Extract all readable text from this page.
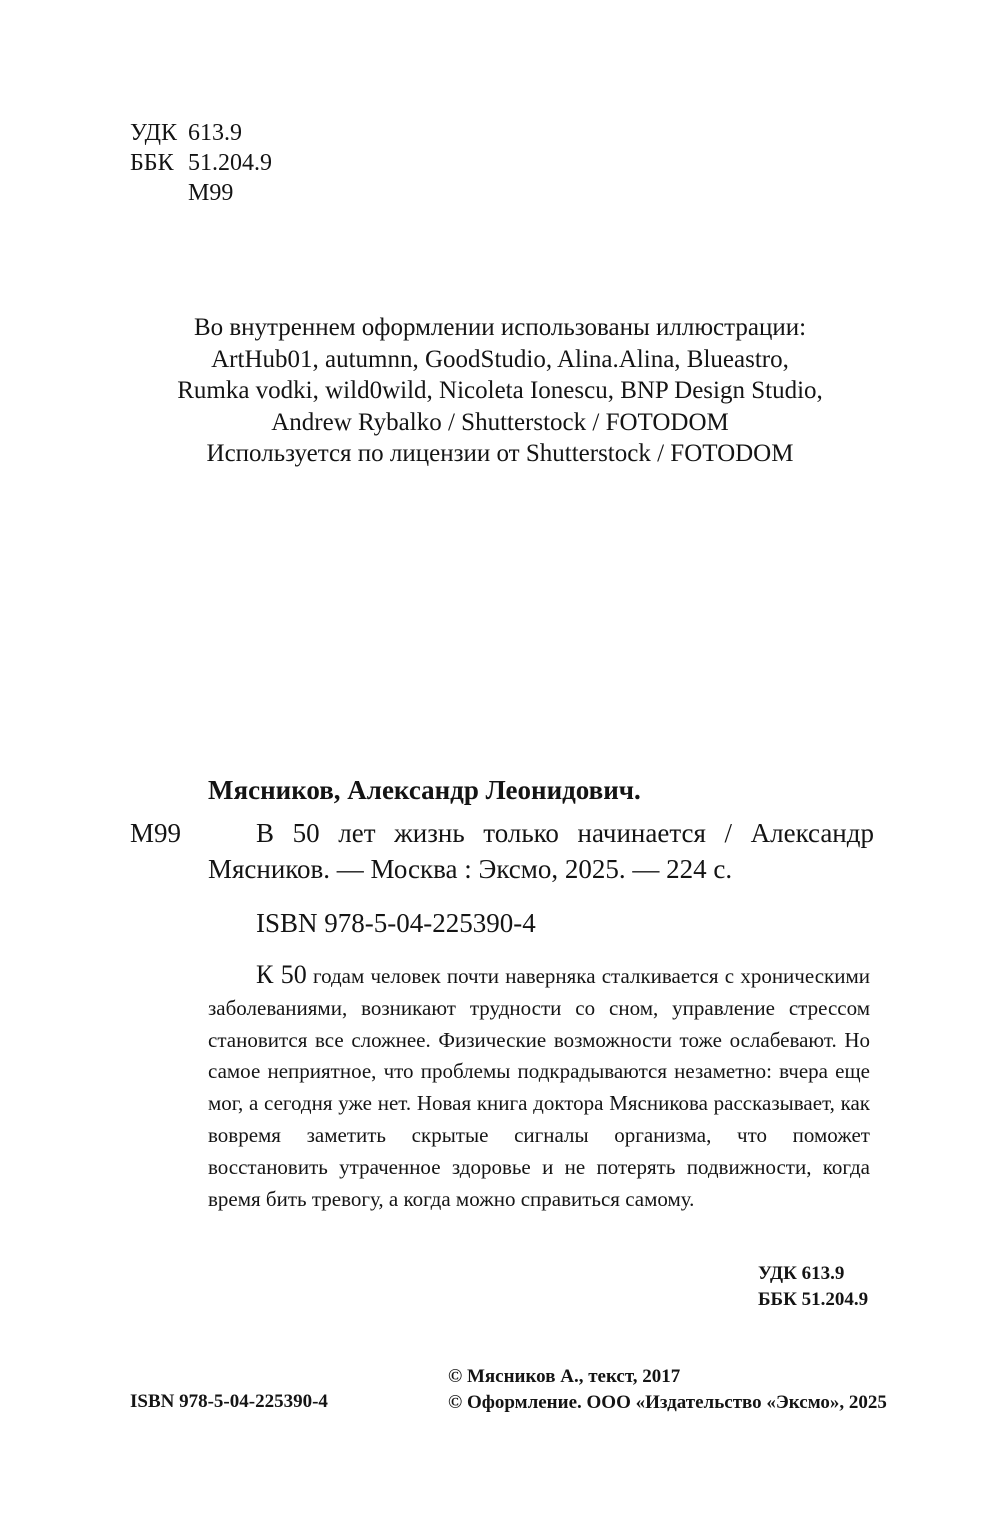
УДК 613.9
ББК 51.204.9
М99
Во внутреннем оформлении использованы иллюстрации:
ArtHub01, autumnn, GoodStudio, Alina.Alina, Blueastro,
Rumka vodki, wild0wild, Nicoleta Ionescu, BNP Design Studio,
Andrew Rybalko / Shutterstock / FOTODOM
Используется по лицензии от Shutterstock / FOTODOM
Мясников, Александр Леонидович.
М99	В 50 лет жизнь только начинается / Александр Мясников. — Москва : Эксмо, 2025. — 224 с.
ISBN 978-5-04-225390-4
К 50 годам человек почти наверняка сталкивается с хроническими заболеваниями, возникают трудности со сном, управление стрессом становится все сложнее. Физические возможности тоже ослабевают. Но самое неприятное, что проблемы подкрадываются незаметно: вчера еще мог, а сегодня уже нет. Новая книга доктора Мясникова рассказывает, как вовремя заметить скрытые сигналы организма, что поможет восстановить утраченное здоровье и не потерять подвижности, когда время бить тревогу, а когда можно справиться самому.
УДК 613.9
ББК 51.204.9
ISBN 978-5-04-225390-4
© Мясников А., текст, 2017
© Оформление. ООО «Издательство «Эксмо», 2025
